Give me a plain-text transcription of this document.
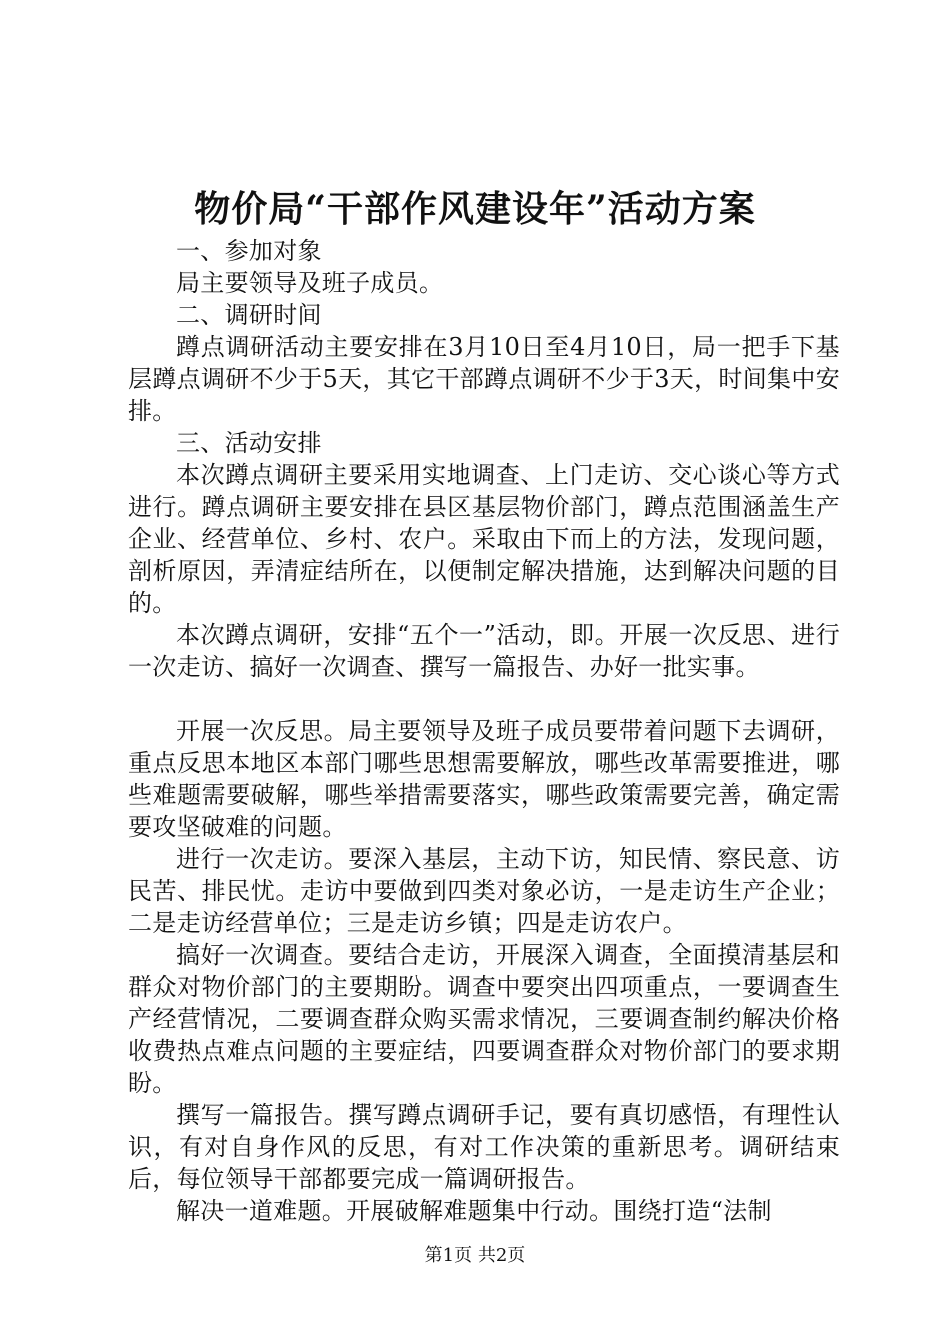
物价局“干部作风建设年”活动方案

一、参加对象

局主要领导及班子成员。

二、调研时间

蹲点调研活动主要安排在3月10日至4月10日，局一把手下基层蹲点调研不少于5天，其它干部蹲点调研不少于3天，时间集中安排。

三、活动安排

本次蹲点调研主要采用实地调查、上门走访、交心谈心等方式进行。蹲点调研主要安排在县区基层物价部门，蹲点范围涵盖生产企业、经营单位、乡村、农户。采取由下而上的方法，发现问题，剖析原因，弄清症结所在，以便制定解决措施，达到解决问题的目的。

本次蹲点调研，安排“五个一”活动，即。开展一次反思、进行一次走访、搞好一次调查、撰写一篇报告、办好一批实事。

开展一次反思。局主要领导及班子成员要带着问题下去调研，重点反思本地区本部门哪些思想需要解放，哪些改革需要推进，哪些难题需要破解，哪些举措需要落实，哪些政策需要完善，确定需要攻坚破难的问题。

进行一次走访。要深入基层，主动下访，知民情、察民意、访民苦、排民忧。走访中要做到四类对象必访，一是走访生产企业；二是走访经营单位；三是走访乡镇；四是走访农户。

搞好一次调查。要结合走访，开展深入调查，全面摸清基层和群众对物价部门的主要期盼。调查中要突出四项重点，一要调查生产经营情况，二要调查群众购买需求情况，三要调查制约解决价格收费热点难点问题的主要症结，四要调查群众对物价部门的要求期盼。

撰写一篇报告。撰写蹲点调研手记，要有真切感悟，有理性认识，有对自身作风的反思，有对工作决策的重新思考。调研结束后，每位领导干部都要完成一篇调研报告。

解决一道难题。开展破解难题集中行动。围绕打造“法制

第1页 共2页
